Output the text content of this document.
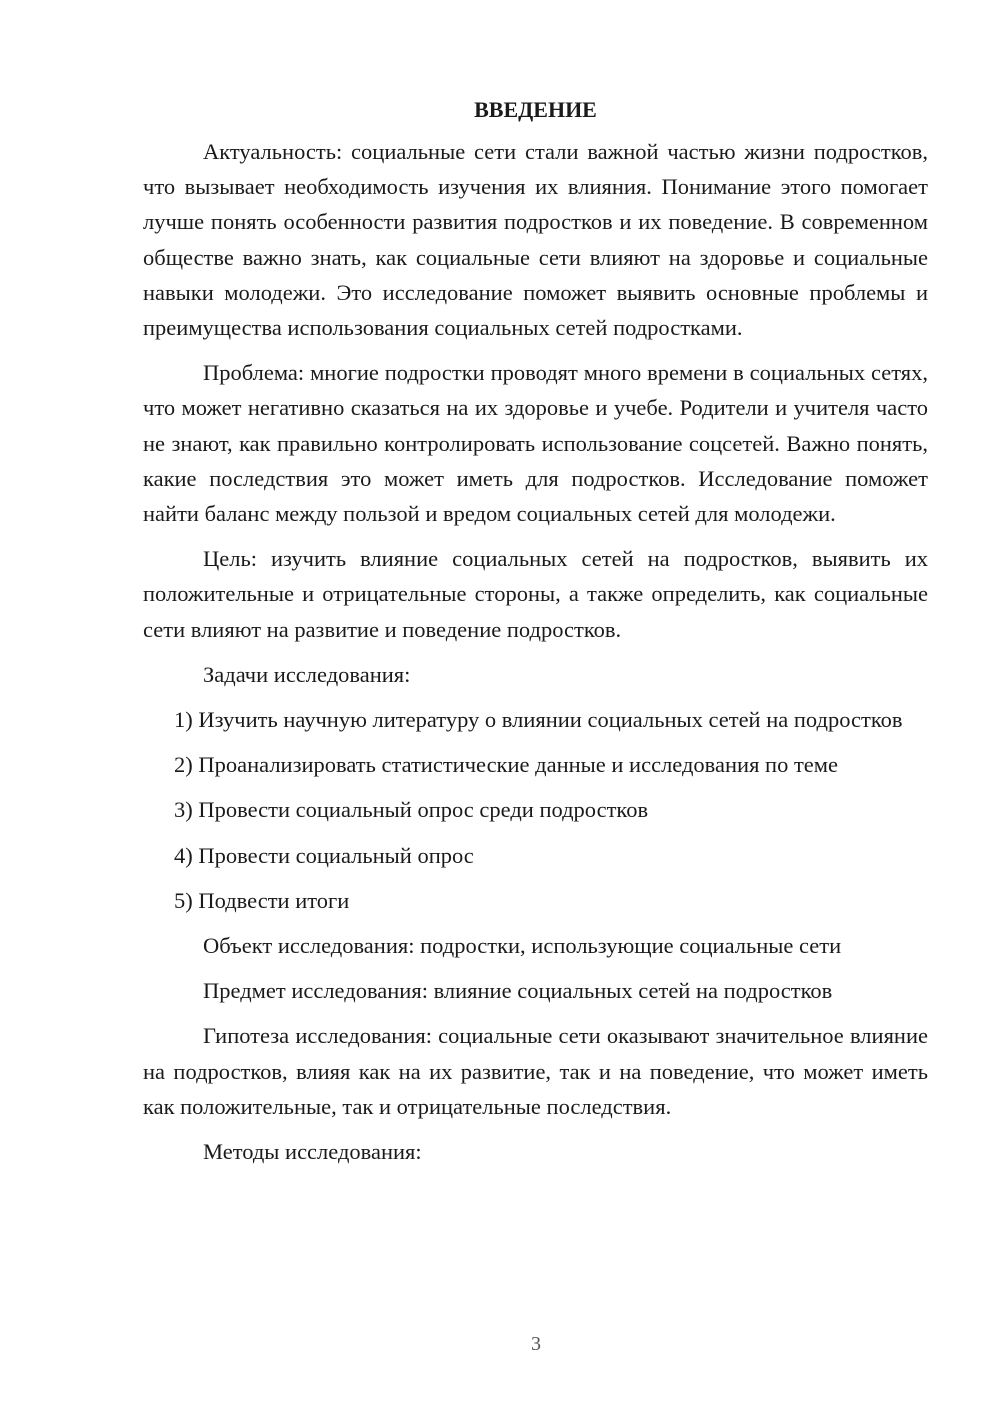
ВВЕДЕНИЕ

Актуальность: социальные сети стали важной частью жизни подростков, что вызывает необходимость изучения их влияния. Понимание этого помогает лучше понять особенности развития подростков и их поведение. В современном обществе важно знать, как социальные сети влияют на здоровье и социальные навыки молодежи. Это исследование поможет выявить основные проблемы и преимущества использования социальных сетей подростками.

Проблема: многие подростки проводят много времени в социальных сетях, что может негативно сказаться на их здоровье и учебе. Родители и учителя часто не знают, как правильно контролировать использование соцсетей. Важно понять, какие последствия это может иметь для подростков. Исследование поможет найти баланс между пользой и вредом социальных сетей для молодежи.

Цель: изучить влияние социальных сетей на подростков, выявить их положительные и отрицательные стороны, а также определить, как социальные сети влияют на развитие и поведение подростков.

Задачи исследования:

1) Изучить научную литературу о влиянии социальных сетей на подростков

2) Проанализировать статистические данные и исследования по теме

3) Провести социальный опрос среди подростков

4) Провести социальный опрос

5) Подвести итоги

Объект исследования: подростки, использующие социальные сети

Предмет исследования: влияние социальных сетей на подростков

Гипотеза исследования: социальные сети оказывают значительное влияние на подростков, влияя как на их развитие, так и на поведение, что может иметь как положительные, так и отрицательные последствия.

Методы исследования:

3
